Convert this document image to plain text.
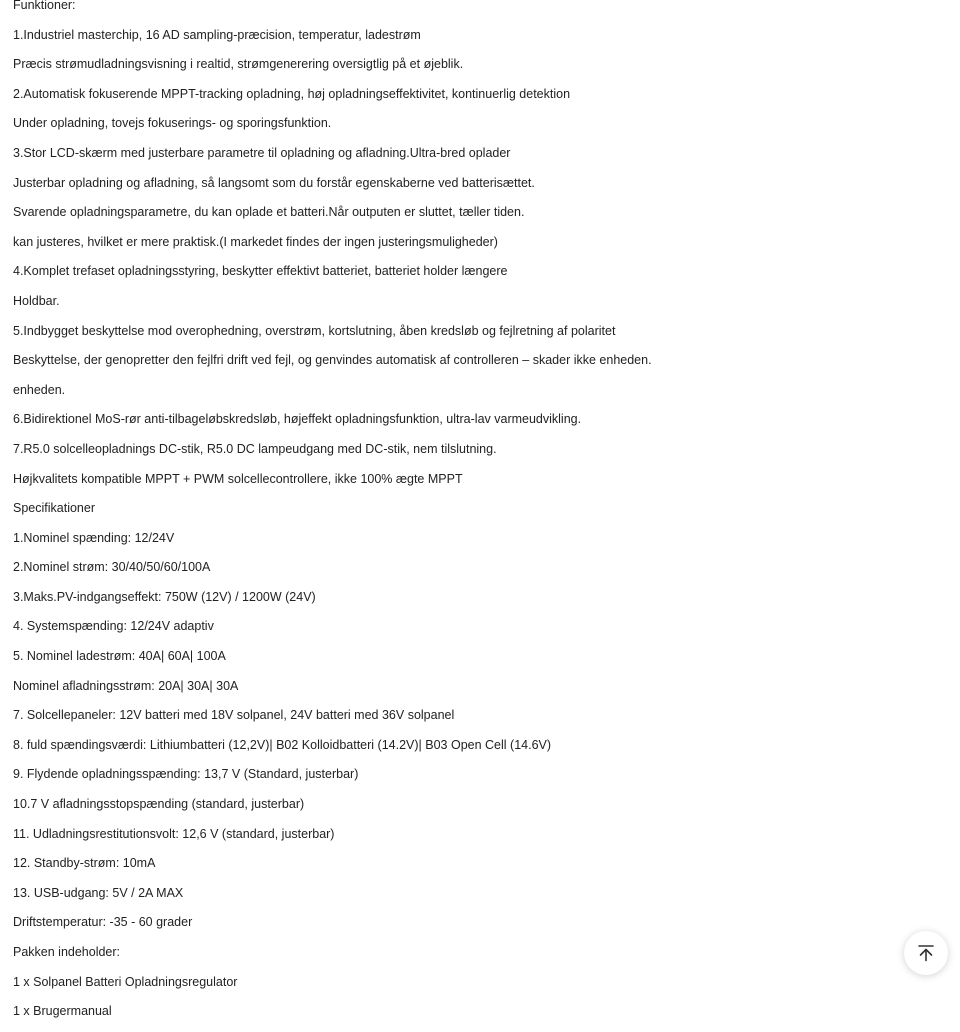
Funktioner:
1.Industriel masterchip, 16 AD sampling-præcision, temperatur, ladestrøm
Præcis strømudladningsvisning i realtid, strømgenerering oversigtlig på et øjeblik.
2.Automatisk fokuserende MPPT-tracking opladning, høj opladningseffektivitet, kontinuerlig detektion
Under opladning, tovejs fokuserings- og sporingsfunktion.
3.Stor LCD-skærm med justerbare parametre til opladning og afladning.Ultra-bred oplader
Justerbar opladning og afladning, så langsomt som du forstår egenskaberne ved batterisættet.
Svarende opladningsparametre, du kan oplade et batteri.Når outputen er sluttet, tæller tiden.
kan justeres, hvilket er mere praktisk.(I markedet findes der ingen justeringsmuligheder)
4.Komplet trefaset opladningsstyring, beskytter effektivt batteriet, batteriet holder længere
Holdbar.
5.Indbygget beskyttelse mod overophedning, overstrøm, kortslutning, åben kredsløb og fejlretning af polaritet
Beskyttelse, der genopretter den fejlfri drift ved fejl, og genvindes automatisk af controlleren – skader ikke enheden.
enheden.
6.Bidirektionel MoS-rør anti-tilbageløbskredsløb, højeffekt opladningsfunktion, ultra-lav varmeudvikling.
7.R5.0 solcelleopladnings DC-stik, R5.0 DC lampeudgang med DC-stik, nem tilslutning.
Højkvalitets kompatible MPPT + PWM solcellecontrollere, ikke 100% ægte MPPT
Specifikationer
1.Nominel spænding: 12/24V
2.Nominel strøm: 30/40/50/60/100A
3.Maks.PV-indgangseffekt: 750W (12V) / 1200W (24V)
4. Systemspænding: 12/24V adaptiv
5. Nominel ladestrøm: 40A| 60A| 100A
Nominel afladningsstrøm: 20A| 30A| 30A
7. Solcellepaneler: 12V batteri med 18V solpanel, 24V batteri med 36V solpanel
8. fuld spændingsværdi: Lithiumbatteri (12,2V)| B02 Kolloidbatteri (14.2V)| B03 Open Cell (14.6V)
9. Flydende opladningsspænding: 13,7 V (Standard, justerbar)
10.7 V afladningsstopspænding (standard, justerbar)
11. Udladningsrestitutionsvolt: 12,6 V (standard, justerbar)
12. Standby-strøm: 10mA
13. USB-udgang: 5V / 2A MAX
Driftstemperatur: -35 - 60 grader
Pakken indeholder:
1 x Solpanel Batteri Opladningsregulator
1 x Brugermanual
